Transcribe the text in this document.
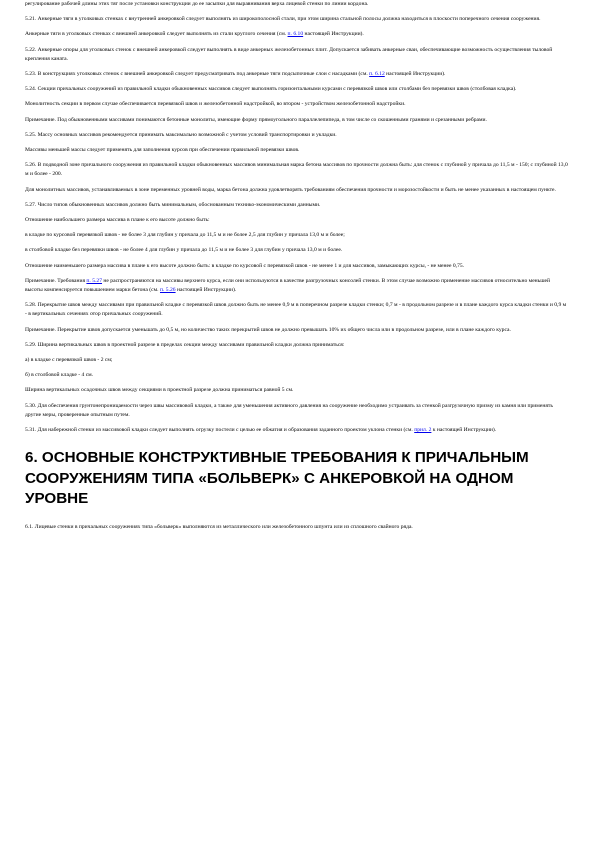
регулирование рабочей длины этих тяг после установки конструкции до ее засыпки для выравнивания верха лицевой стенки по линии кордона.

5.21. Анкерные тяги в уголковых стенках с внутренней анкеровкой следует выполнять из широкополосной стали, при этом ширина стальной полосы должна находиться в плоскости поперечного сечения сооружения.

Анкерные тяги в уголковых стенках с внешней анкеровкой следует выполнять из стали круглого сечения (см. п. 6.10 настоящей Инструкции).

5.22. Анкерные опоры для уголковых стенок с внешней анкеровкой следует выполнять в виде анкерных железобетонных плит. Допускается забивать анкерные сваи, обеспечивающие возможность осуществления тыловой крепления каната.

5.23. В конструкциях уголковых стенок с внешней анкеровкой следует предусматривать под анкерные тяги подсыпочные слои с насадками (см. п. 6.12 настоящей Инструкции).

5.24. Секции причальных сооружений из правильной кладки обыкновенных массивов следует выполнять горизонтальными курсами с перевязкой швов или столбами без перевязки швов (столбовая кладка).

Монолитность секции в первом случае обеспечивается перевязкой швов и железобетонной надстройкой, во втором - устройством железобетонной надстройки.

Примечание. Под обыкновенными массивами понимаются бетонные монолиты, имеющие форму прямоугольного параллелепипеда, в том числе со скошенными гранями и срезанными ребрами.

5.25. Массу основных массивов рекомендуется принимать максимально возможной с учетом условий транспортировки и укладки.

Массивы меньшей массы следует применять для заполнения курсов при обеспечении правильной перевязки швов.

5.26. В подводной зоне причального сооружения из правильной кладки обыкновенных массивов минимальная марка бетона массивов по прочности должна быть: для стенок с глубиной у причала до 11,5 м - 150; с глубиной 13,0 м и более - 200.

Для монолитных массивов, устанавливаемых в зоне переменных уровней воды, марка бетона должна удовлетворять требованиям обеспечения прочности и морозостойкости и быть не менее указанных в настоящем пункте.

5.27. Число типов обыкновенных массивов должно быть минимальным, обоснованным технико-экономическими данными.

Отношение наибольшего размера массива в плане к его высоте должно быть:

в кладке по курсовой перевязкой швов - не более 3 для глубин у причала до 11,5 м и не более 2,5 для глубин у причала 13,0 м и более;

в столбовой кладке без перевязки швов - не более 4 для глубин у причала до 11,5 м и не более 3 для глубин у причала 13,0 м и более.

Отношение наименьшего размера массива в плане к его высоте должно быть: в кладке по курсовой с перевязкой швов - не менее 1 и для массивов, замыкающих курсы, - не менее 0,75.

Примечание. Требования п. 5.27 не распространяются на массивы верхнего курса, если они используются в качестве разгрузочных консолей стенки. В этом случае возможно применение массивов относительно меньшей высоты компенсируется повышением марки бетона (см. п. 5.26 настоящей Инструкции).

5.28. Перекрытие швов между массивами при правильной кладке с перевязкой швов должно быть не менее 0,9 м в поперечном разрезе кладки стенки; 0,7 м - в продольном разрезе и в плане каждого курса кладки стенки и 0,9 м - в вертикальных сечениях отор причальных сооружений.

Примечание. Перекрытие швов допускается уменьшать до 0,5 м, но количество таких перекрытий швов не должно превышать 10% их общего числа или в продольном разрезе, или в плане каждого курса.

5.29. Ширина вертикальных швов в проектной разрезе в пределах секции между массивами правильной кладки должна приниматься:

а) в кладке с перевязкой швов - 2 см;

б) в столбовой кладке - 4 см.

Ширина вертикальных осадочных швов между секциями в проектной разрезе должна приниматься равной 5 см.

5.30. Для обеспечения грунтонепроницаемости через швы массивовой кладки, а также для уменьшения активного давления на сооружение необходимо устраивать за стенкой разгрузочную призму из камня или применять другие меры, проверенные опытным путем.

5.31. Для набережной стенки из массивовой кладки следует выполнять огрузку постели с целью ее обжатия и образования заданного проектом уклона стенки (см. прил. 2 к настоящей Инструкции).

6. ОСНОВНЫЕ КОНСТРУКТИВНЫЕ ТРЕБОВАНИЯ К ПРИЧАЛЬНЫМ СООРУЖЕНИЯМ ТИПА «БОЛЬВЕРК» С АНКЕРОВКОЙ НА ОДНОМ УРОВНЕ

6.1. Лицевые стенки в причальных сооружениях типа «больверк» выполняются из металлического или железобетонного шпунта или из сплошного свайного ряда.
